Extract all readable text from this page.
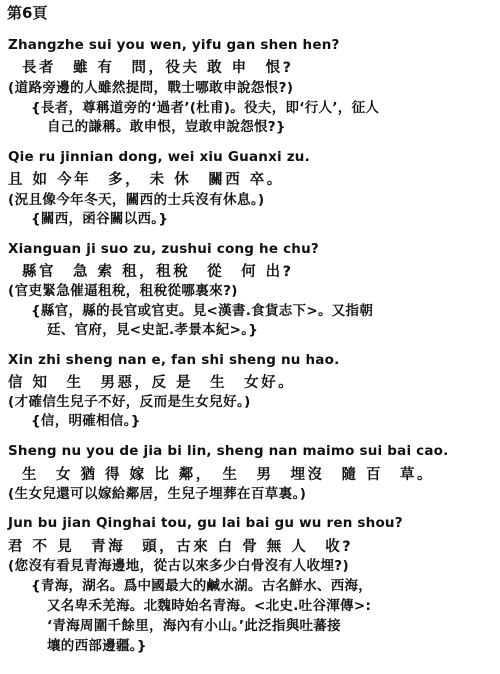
第6頁
Zhangzhe sui you wen, yifu gan shen hen?
長者　雖 有　問，役夫 敢 申　恨?
(道路旁邊的人雖然提問，戰士哪敢申說怨恨?)
{長者，尊稱道旁的‘過者’(杜甫)。役夫，即‘行人’，征人
自己的謙稱。敢申恨，豈敢申說怨恨?}
Qie ru jinnian dong, wei xiu Guanxi zu.
且 如 今年　多， 未 休　關西 卒。
(況且像今年冬天，關西的士兵沒有休息。)
{關西，函谷關以西。}
Xianguan ji suo zu, zushui cong he chu?
縣官　急 索 租，租稅　從　何 出?
(官吏緊急催逼租稅，租稅從哪裏來?)
{縣官，縣的長官或官吏。見<漢書.食貨志下>。又指朝
廷、官府，見<史記.孝景本紀>。}
Xin zhi sheng nan e, fan shi sheng nu hao.
信 知　生　男惡，反 是　生　女好。
(才確信生兒子不好，反而是生女兒好。)
{信，明確相信。}
Sheng nu you de jia bi lin, sheng nan maimo sui bai cao.
生　女 猶 得 嫁 比 鄰，　生　男　埋沒　隨 百　草。
(生女兒還可以嫁給鄰居，生兒子埋葬在百草裏。)
Jun bu jian Qinghai tou, gu lai bai gu wu ren shou?
君 不 見　青海　頭，古來 白 骨 無 人　收?
(您沒有看見青海邊地，從古以來多少白骨沒有人收埋?)
{青海，湖名。爲中國最大的鹹水湖。古名鮮水、西海，
又名卑禾羌海。北魏時始名青海。<北史.吐谷渾傳>:
‘青海周圍千餘里，海內有小山。’此泛指與吐蕃接
壤的西部邊疆。}
